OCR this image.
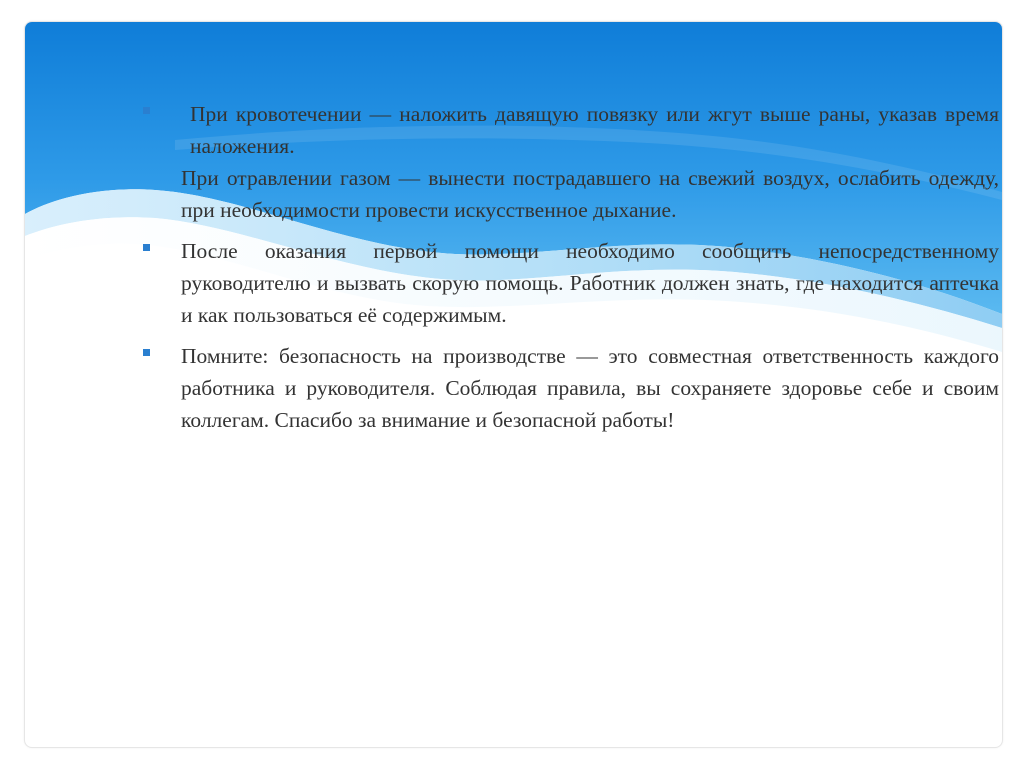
При кровотечении — наложить давящую повязку или жгут выше раны, указав время наложения.
При отравлении газом — вынести пострадавшего на свежий воздух, ослабить одежду, при необходимости провести искусственное дыхание.
После оказания первой помощи необходимо сообщить непосредственному руководителю и вызвать скорую помощь. Работник должен знать, где находится аптечка и как пользоваться её содержимым.
Помните: безопасность на производстве — это совместная ответственность каждого работника и руководителя. Соблюдая правила, вы сохраняете здоровье себе и своим коллегам. Спасибо за внимание и безопасной работы!
